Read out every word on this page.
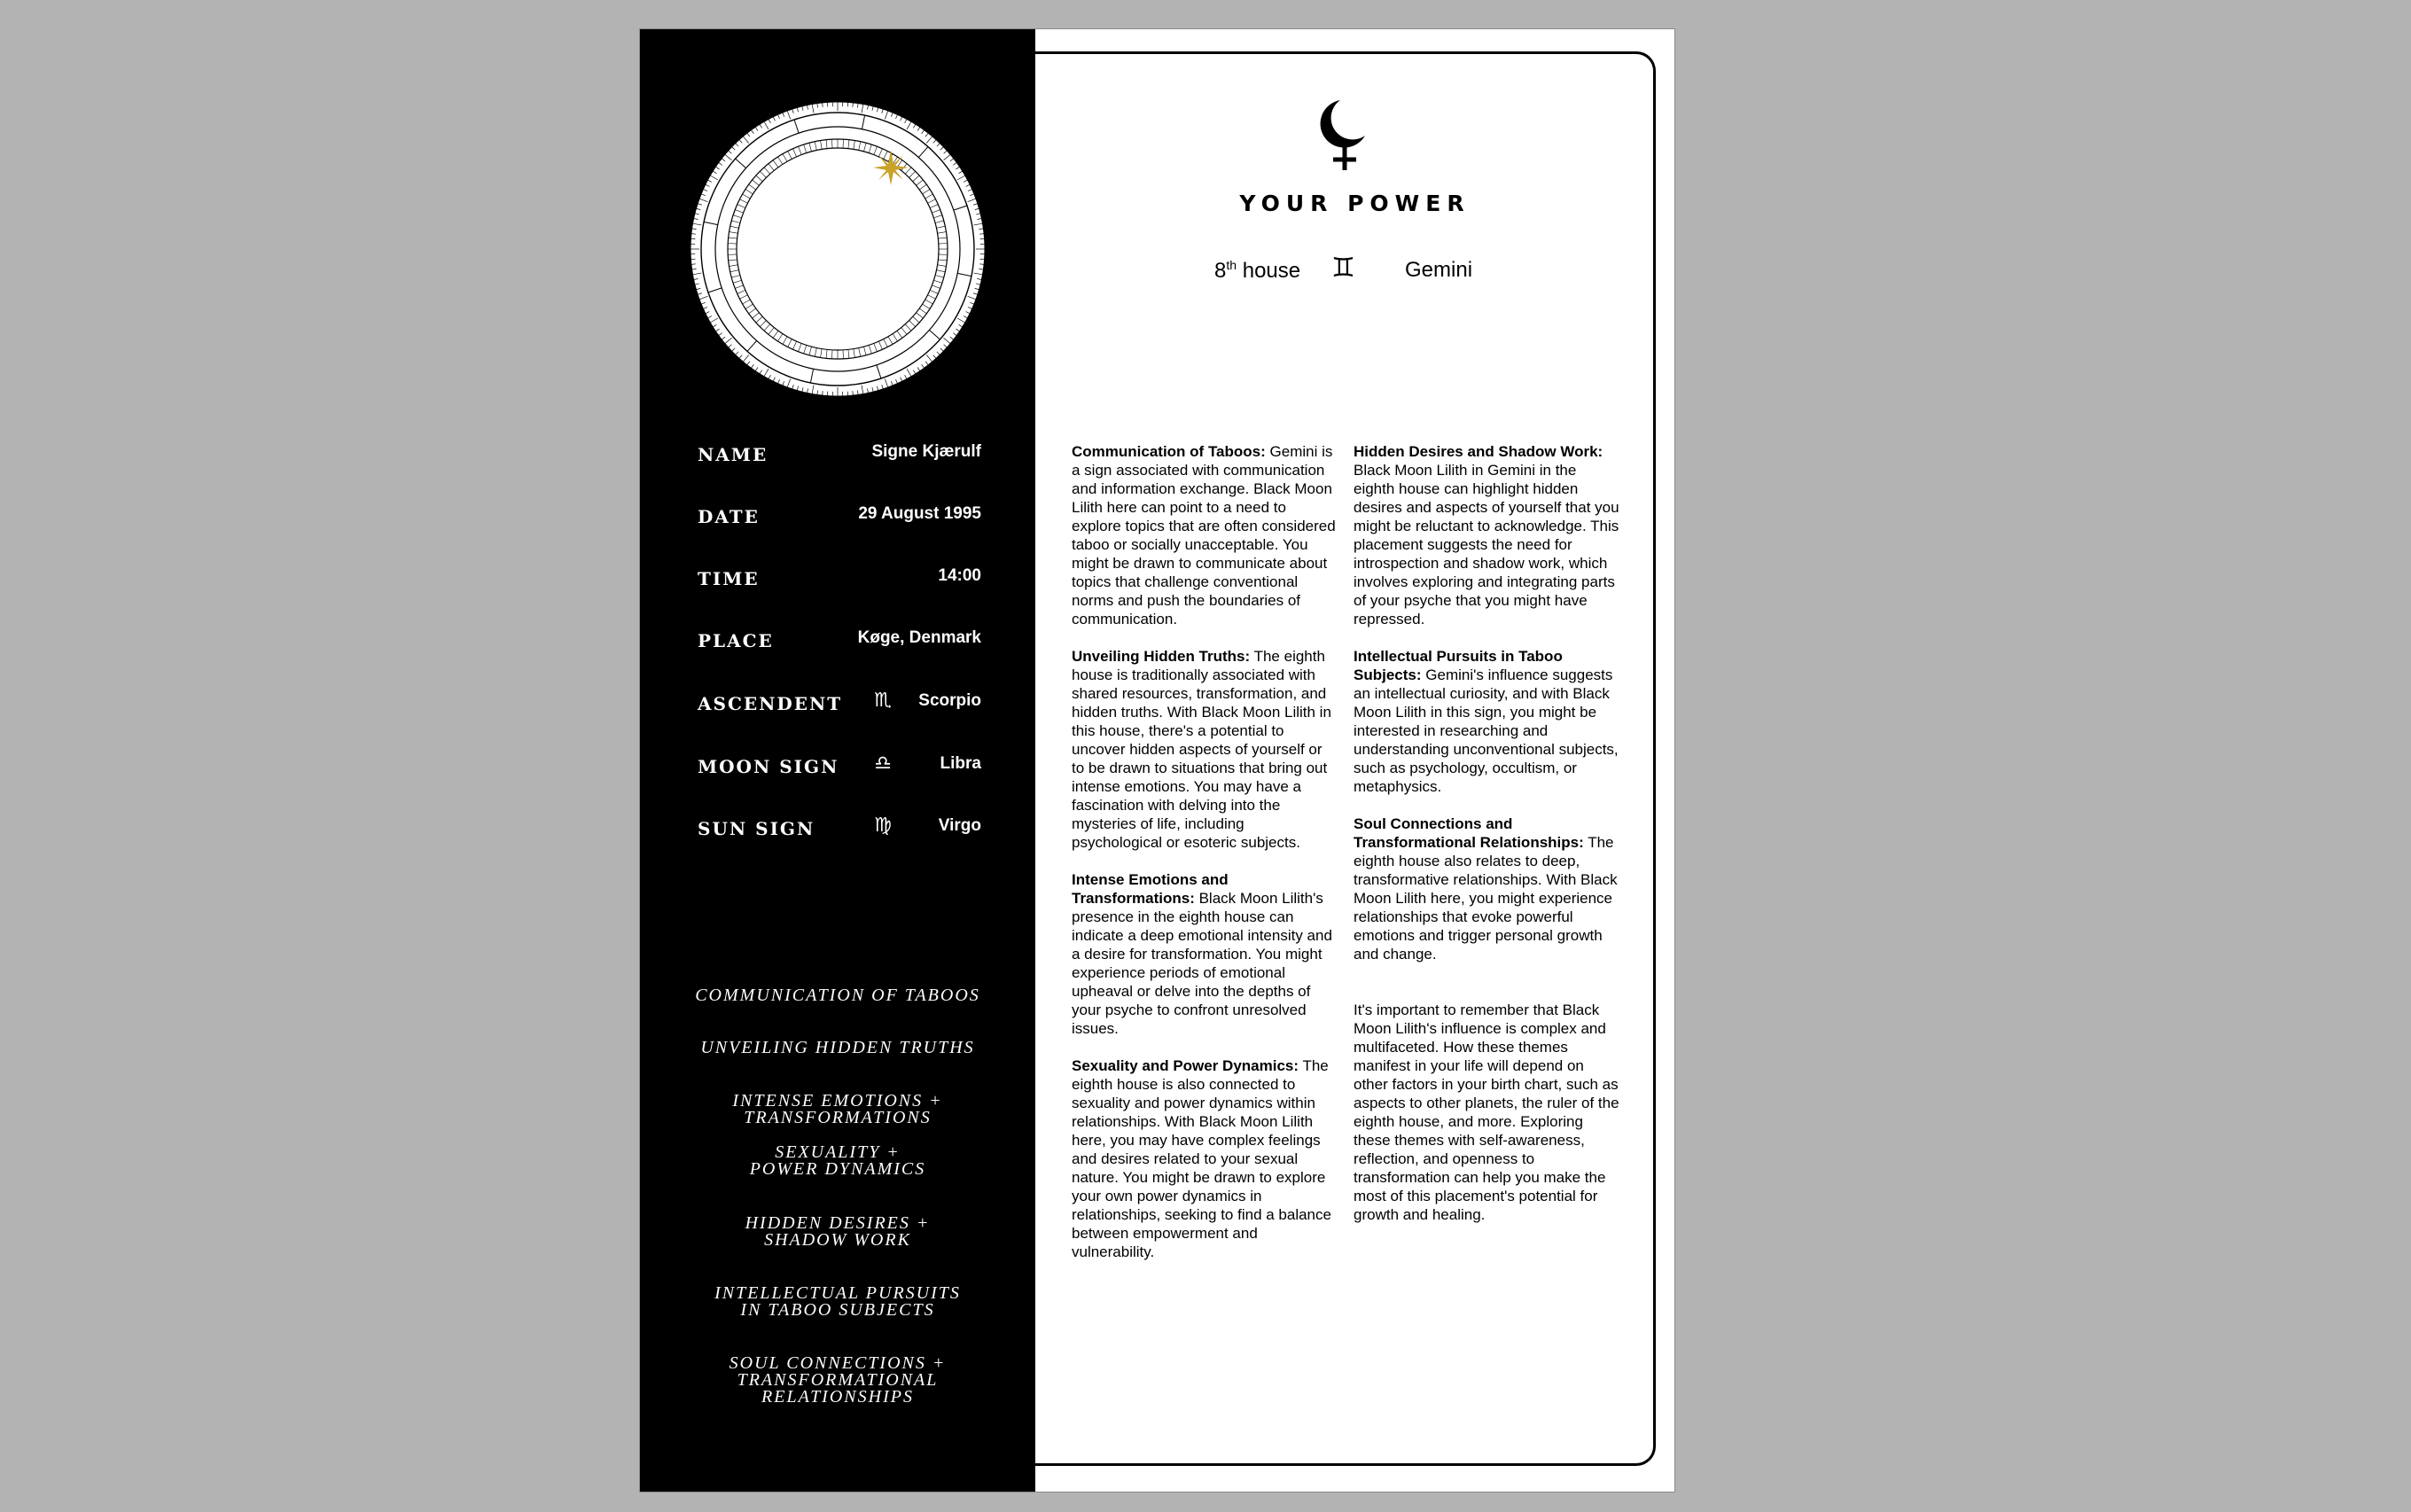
NAME	Signe Kjærulf
DATE	29 August 1995
TIME	14:00
PLACE	Køge, Denmark
ASCENDENT ♏ Scorpio
MOON SIGN ♎	Libra
SUN SIGN	♍	Virgo
COMMUNICATION OF TABOOS
UNVEILING HIDDEN TRUTHS
INTENSE EMOTIONS +
TRANSFORMATIONS
SEXUALITY +
POWER DYNAMICS
HIDDEN DESIRES +
SHADOW WORK
INTELLECTUAL PURSUITS
IN TABOO SUBJECTS
SOUL CONNECTIONS +
TRANSFORMATIONAL
RELATIONSHIPS
YOUR POWER
8th house ♊ Gemini

Communication of Taboos: Gemini is a sign associated with communication and information exchange. Black Moon Lilith here can point to a need to explore topics that are often considered taboo or socially unacceptable. You might be drawn to communicate about topics that challenge conventional norms and push the boundaries of communication.

Unveiling Hidden Truths: The eighth house is traditionally associated with shared resources, transformation, and hidden truths. With Black Moon Lilith in this house, there's a potential to uncover hidden aspects of yourself or to be drawn to situations that bring out intense emotions. You may have a fascination with delving into the mysteries of life, including psychological or esoteric subjects.

Intense Emotions and Transformations: Black Moon Lilith's presence in the eighth house can indicate a deep emotional intensity and a desire for transformation. You might experience periods of emotional upheaval or delve into the depths of your psyche to confront unresolved issues.

Sexuality and Power Dynamics: The eighth house is also connected to sexuality and power dynamics within relationships. With Black Moon Lilith here, you may have complex feelings and desires related to your sexual nature. You might be drawn to explore your own power dynamics in relationships, seeking to find a balance between empowerment and vulnerability.

Hidden Desires and Shadow Work: Black Moon Lilith in Gemini in the eighth house can highlight hidden desires and aspects of yourself that you might be reluctant to acknowledge. This placement suggests the need for introspection and shadow work, which involves exploring and integrating parts of your psyche that you might have repressed.

Intellectual Pursuits in Taboo Subjects: Gemini's influence suggests an intellectual curiosity, and with Black Moon Lilith in this sign, you might be interested in researching and understanding unconventional subjects, such as psychology, occultism, or metaphysics.

Soul Connections and Transformational Relationships: The eighth house also relates to deep, transformative relationships. With Black Moon Lilith here, you might experience relationships that evoke powerful emotions and trigger personal growth and change.

It's important to remember that Black Moon Lilith's influence is complex and multifaceted. How these themes manifest in your life will depend on other factors in your birth chart, such as aspects to other planets, the ruler of the eighth house, and more. Exploring these themes with self-awareness, reflection, and openness to transformation can help you make the most of this placement's potential for growth and healing.
